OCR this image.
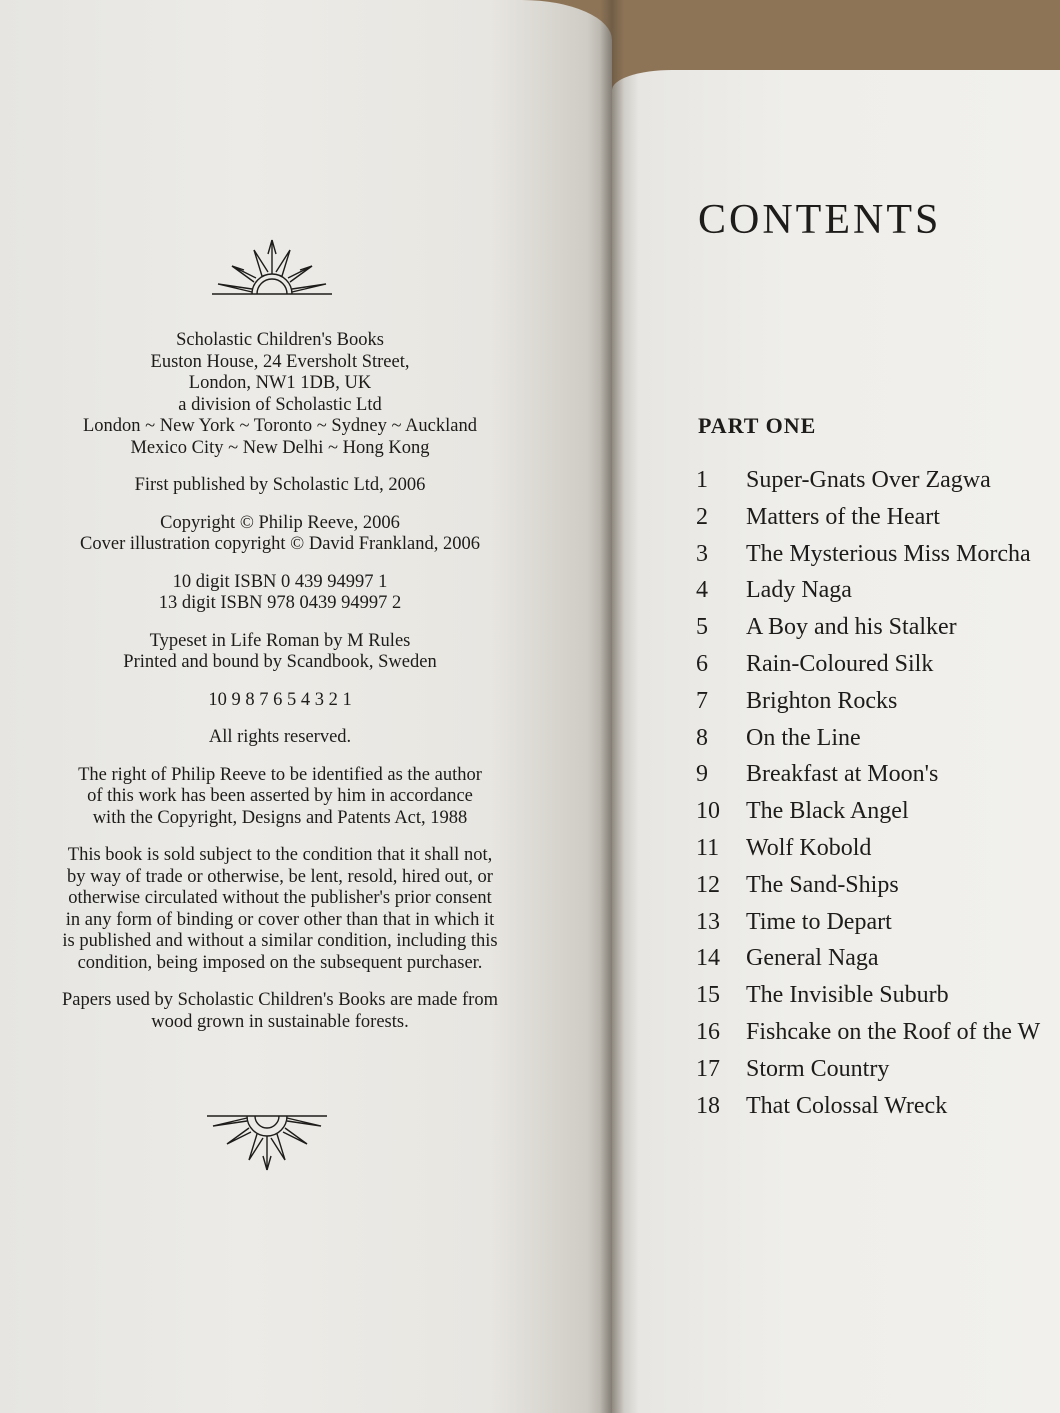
Scholastic Children's Books

Euston House, 24 Eversholt Street,

London, NW1 1DB, UK

a division of Scholastic Ltd

London ~ New York ~ Toronto ~ Sydney ~ Auckland

Mexico City ~ New Delhi ~ Hong Kong

First published by Scholastic Ltd, 2006

Copyright © Philip Reeve, 2006

Cover illustration copyright © David Frankland, 2006

10 digit ISBN 0 439 94997 1

13 digit ISBN 978 0439 94997 2

Typeset in Life Roman by M Rules

Printed and bound by Scandbook, Sweden

10 9 8 7 6 5 4 3 2 1

All rights reserved.

The right of Philip Reeve to be identified as the author

of this work has been asserted by him in accordance

with the Copyright, Designs and Patents Act, 1988

This book is sold subject to the condition that it shall not,

by way of trade or otherwise, be lent, resold, hired out, or

otherwise circulated without the publisher's prior consent

in any form of binding or cover other than that in which it

is published and without a similar condition, including this

condition, being imposed on the subsequent purchaser.

Papers used by Scholastic Children's Books are made from

wood grown in sustainable forests.

CONTENTS
PART ONE
1 Super-Gnats Over Zagwa
2 Matters of the Heart
3 The Mysterious Miss Morcha
4 Lady Naga
5 A Boy and his Stalker
6 Rain-Coloured Silk
7 Brighton Rocks
8 On the Line
9 Breakfast at Moon's
10 The Black Angel
11 Wolf Kobold
12 The Sand-Ships
13 Time to Depart
14 General Naga
15 The Invisible Suburb
16 Fishcake on the Roof of the W
17 Storm Country
18 That Colossal Wreck
